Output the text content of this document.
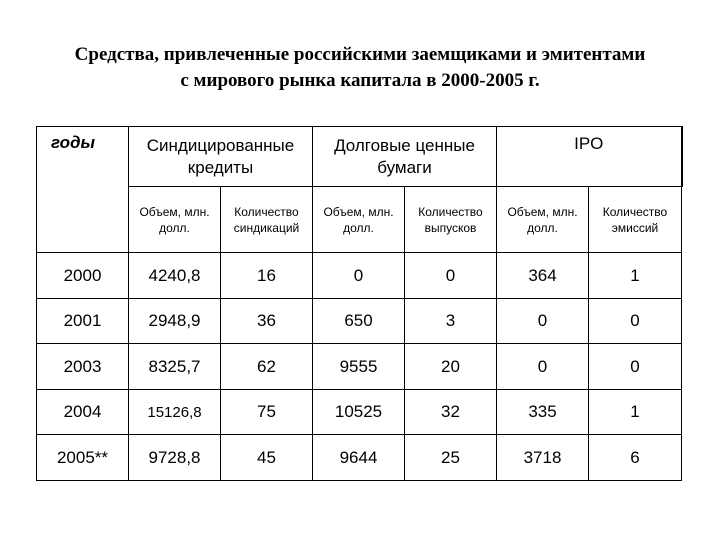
Средства, привлеченные российскими заемщиками и эмитентами
с мирового рынка капитала в 2000-2005 г.
годы	Синдицированные кредиты		Долговые ценные бумаги		IPO	
	Объем, млн. долл.	Количество синдикаций	Объем, млн. долл.	Количество выпусков	Объем, млн. долл.	Количество эмиссий
2000	4240,8	16	0	0	364	1
2001	2948,9	36	650	3	0	0
2003	8325,7	62	9555	20	0	0
2004	15126,8	75	10525	32	335	1
2005**	9728,8	45	9644	25	3718	6
